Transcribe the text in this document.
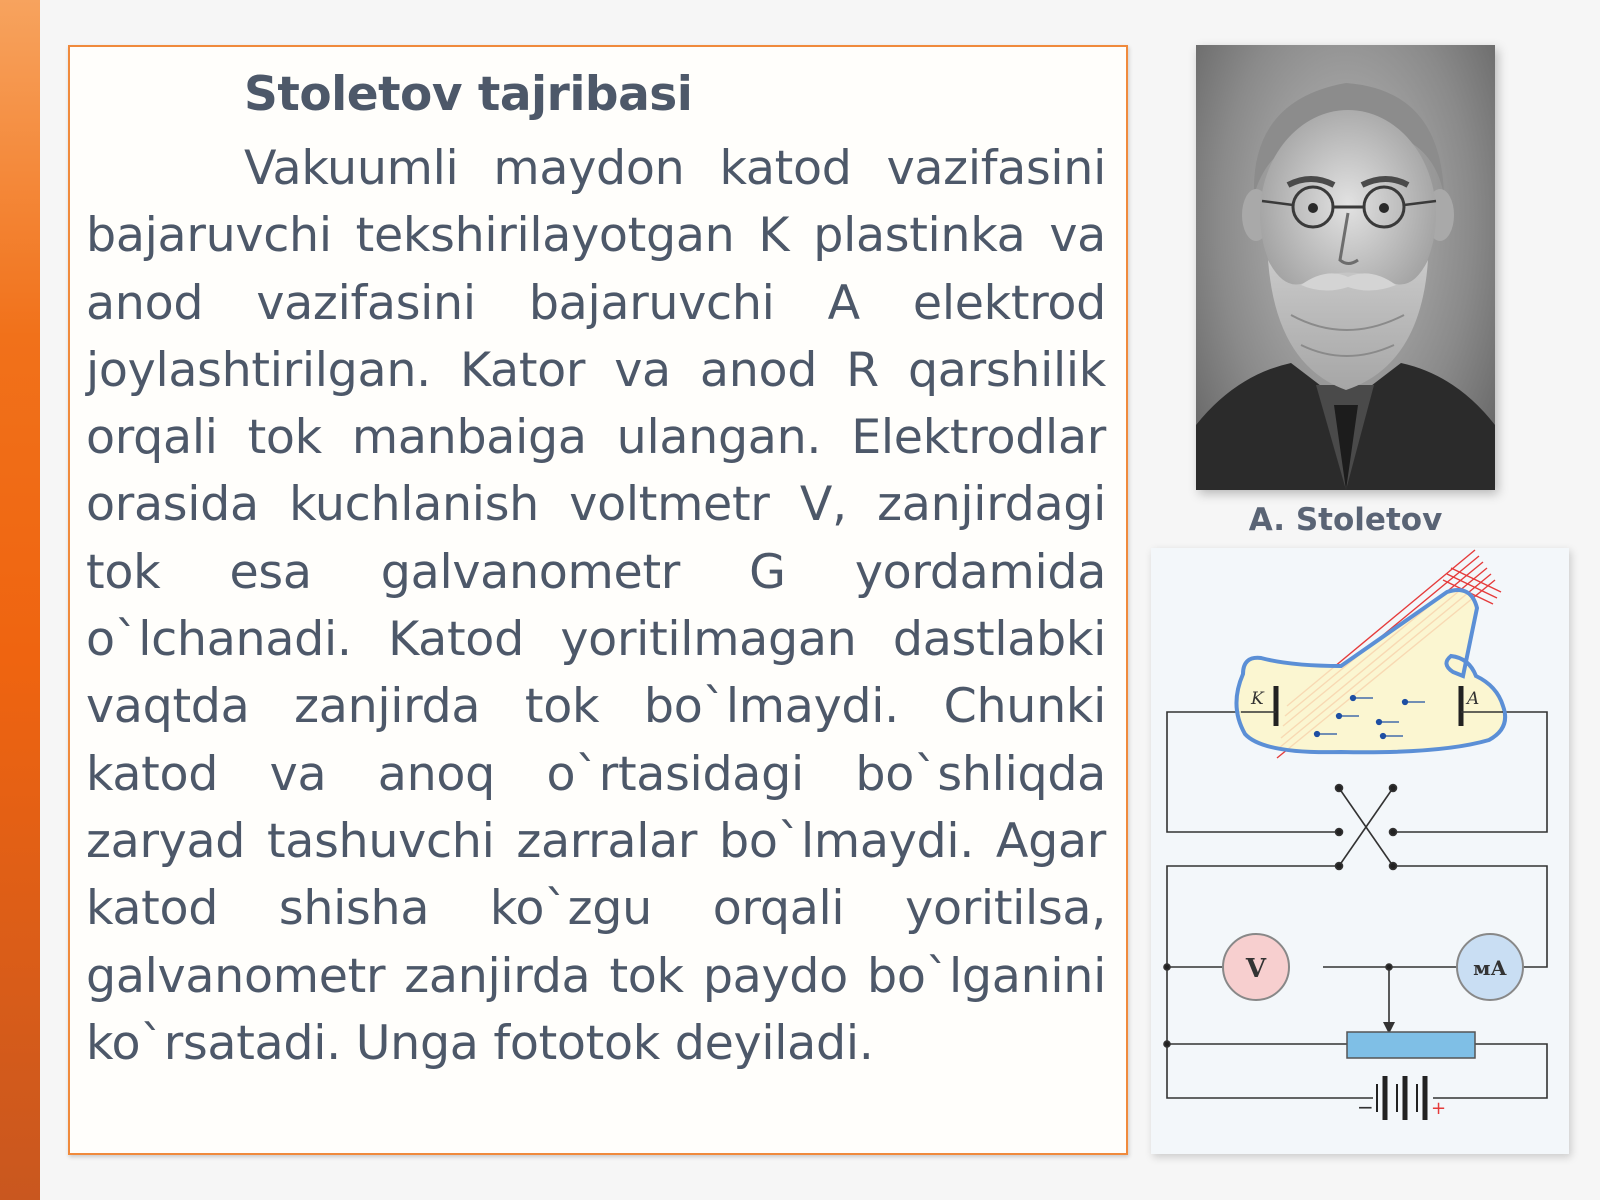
Stoletov tajribasi

Vakuumli maydon katod vazifasini bajaruvchi tekshirilayotgan K plastinka va anod vazifasini bajaruvchi A elektrod joylashtirilgan. Kator va anod R qarshilik orqali tok manbaiga ulangan. Elektrodlar orasida kuchlanish voltmetr V, zanjirdagi tok esa galvanometr G yordamida o`lchanadi. Katod yoritilmagan dastlabki vaqtda zanjirda tok bo`lmaydi. Chunki katod va anoq o`rtasidagi bo`shliqda zaryad tashuvchi zarralar bo`lmaydi. Agar katod shisha ko`zgu orqali yoritilsa, galvanometr zanjirda tok paydo bo`lganini ko`rsatadi. Unga fototok deyiladi.

A. Stoletov
K	A
V	мА
−	+
